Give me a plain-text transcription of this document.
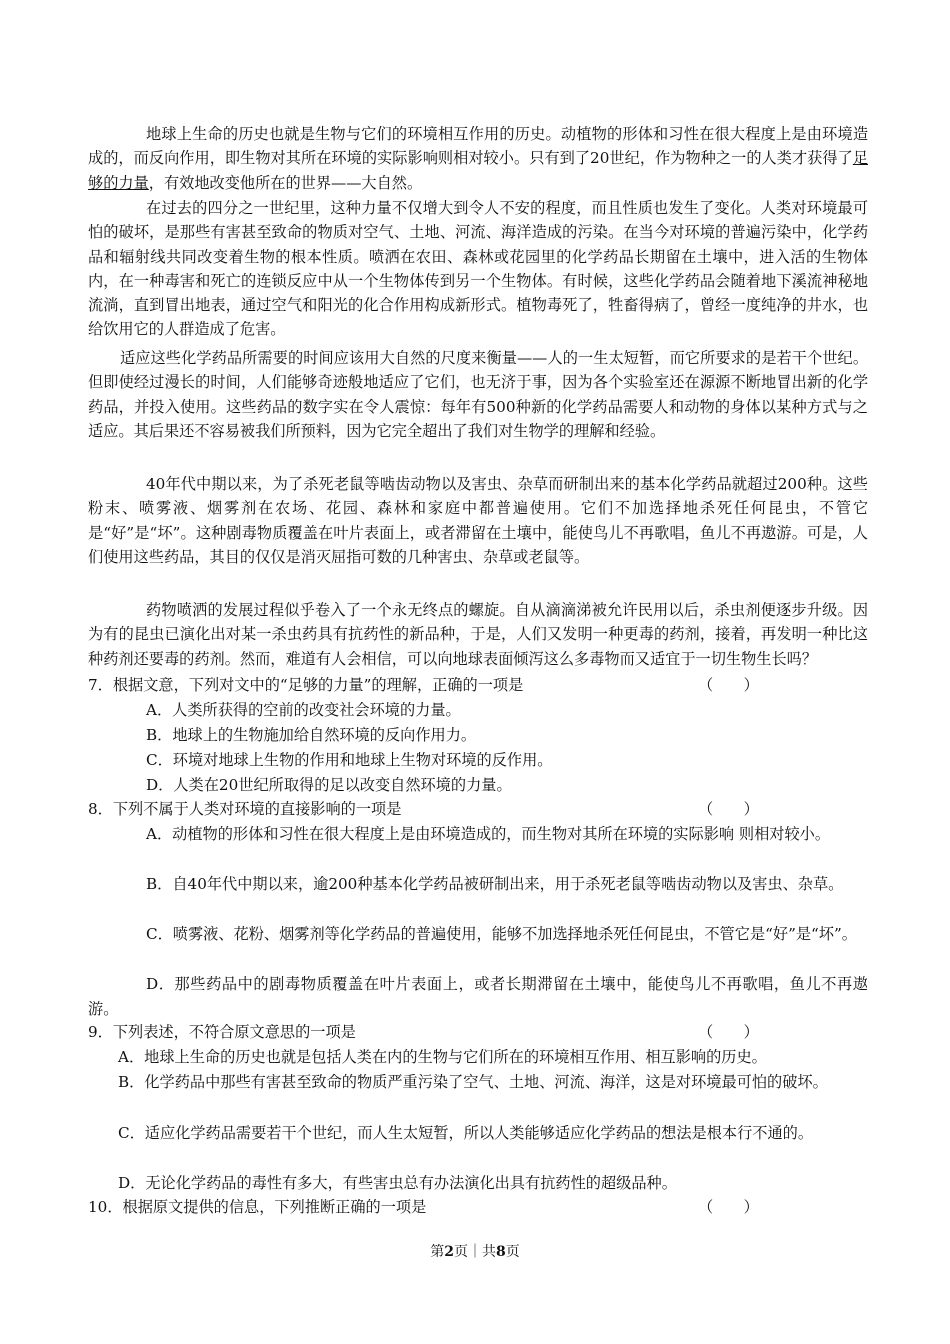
地球上生命的历史也就是生物与它们的环境相互作用的历史。动植物的形体和习性在很大程度上是由环境造成的，而反向作用，即生物对其所在环境的实际影响则相对较小。只有到了20世纪，作为物种之一的人类才获得了足够的力量，有效地改变他所在的世界——大自然。

在过去的四分之一世纪里，这种力量不仅增大到令人不安的程度，而且性质也发生了变化。人类对环境最可怕的破坏，是那些有害甚至致命的物质对空气、土地、河流、海洋造成的污染。在当今对环境的普遍污染中，化学药品和辐射线共同改变着生物的根本性质。喷洒在农田、森林或花园里的化学药品长期留在土壤中，进入活的生物体内，在一种毒害和死亡的连锁反应中从一个生物体传到另一个生物体。有时候，这些化学药品会随着地下溪流神秘地流淌，直到冒出地表，通过空气和阳光的化合作用构成新形式。植物毒死了，牲畜得病了，曾经一度纯净的井水，也给饮用它的人群造成了危害。

适应这些化学药品所需要的时间应该用大自然的尺度来衡量——人的一生太短暂，而它所要求的是若干个世纪。但即使经过漫长的时间，人们能够奇迹般地适应了它们，也无济于事，因为各个实验室还在源源不断地冒出新的化学药品，并投入使用。这些药品的数字实在令人震惊：每年有500种新的化学药品需要人和动物的身体以某种方式与之适应。其后果还不容易被我们所预料，因为它完全超出了我们对生物学的理解和经验。

40年代中期以来，为了杀死老鼠等啮齿动物以及害虫、杂草而研制出来的基本化学药品就超过200种。这些粉末、喷雾液、烟雾剂在农场、花园、森林和家庭中都普遍使用。它们不加选择地杀死任何昆虫，不管它是“好”是“坏”。这种剧毒物质覆盖在叶片表面上，或者滞留在土壤中，能使鸟儿不再歌唱，鱼儿不再遨游。可是，人们使用这些药品，其目的仅仅是消灭屈指可数的几种害虫、杂草或老鼠等。

药物喷洒的发展过程似乎卷入了一个永无终点的螺旋。自从滴滴涕被允许民用以后，杀虫剂便逐步升级。因为有的昆虫已演化出对某一杀虫药具有抗药性的新品种，于是，人们又发明一种更毒的药剂，接着，再发明一种比这种药剂还要毒的药剂。然而，难道有人会相信，可以向地球表面倾泻这么多毒物而又适宜于一切生物生长吗？

7．根据文意，下列对文中的“足够的力量”的理解，正确的一项是	（　　）

A．人类所获得的空前的改变社会环境的力量。

B．地球上的生物施加给自然环境的反向作用力。

C．环境对地球上生物的作用和地球上生物对环境的反作用。

D．人类在20世纪所取得的足以改变自然环境的力量。

8．下列不属于人类对环境的直接影响的一项是	（　　）

A．动植物的形体和习性在很大程度上是由环境造成的，而生物对其所在环境的实际影响 则相对较小。

B．自40年代中期以来，逾200种基本化学药品被研制出来，用于杀死老鼠等啮齿动物以及害虫、杂草。

C．喷雾液、花粉、烟雾剂等化学药品的普遍使用，能够不加选择地杀死任何昆虫，不管它是“好”是“坏”。

D．那些药品中的剧毒物质覆盖在叶片表面上，或者长期滞留在土壤中，能使鸟儿不再歌唱，鱼儿不再遨游。

9．下列表述，不符合原文意思的一项是	（　　）

A．地球上生命的历史也就是包括人类在内的生物与它们所在的环境相互作用、相互影响的历史。

B．化学药品中那些有害甚至致命的物质严重污染了空气、土地、河流、海洋，这是对环境最可怕的破坏。

C．适应化学药品需要若干个世纪，而人生太短暂，所以人类能够适应化学药品的想法是根本行不通的。

D．无论化学药品的毒性有多大，有些害虫总有办法演化出具有抗药性的超级品种。

10．根据原文提供的信息，下列推断正确的一项是	（　　）
第2页｜共8页
